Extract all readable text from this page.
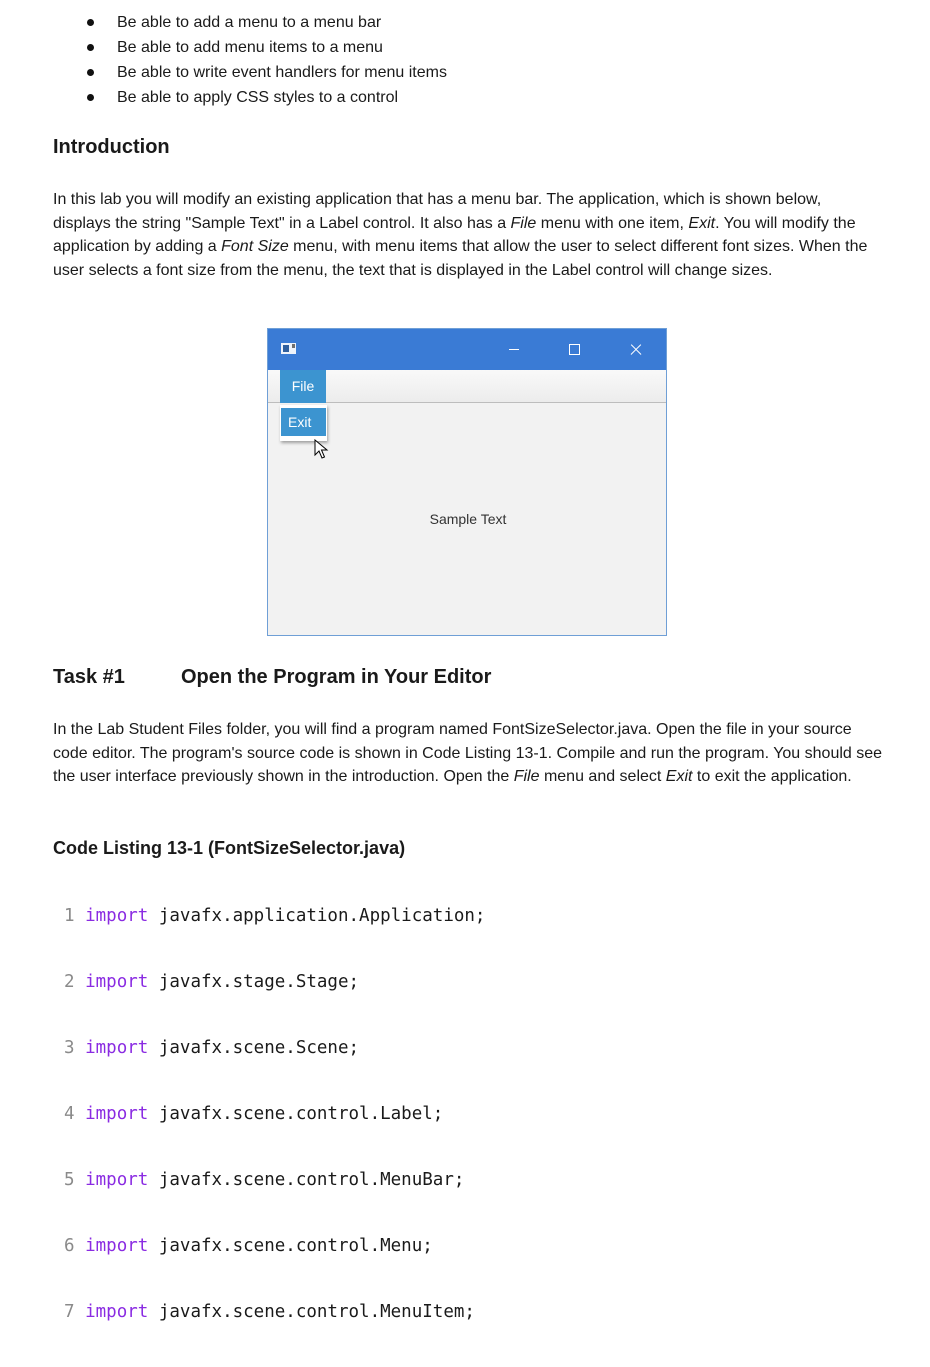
Be able to add a menu to a menu bar
Be able to add menu items to a menu
Be able to write event handlers for menu items
Be able to apply CSS styles to a control
Introduction

In this lab you will modify an existing application that has a menu bar. The application, which is shown below, displays the string "Sample Text" in a Label control. It also has a File menu with one item, Exit. You will modify the application by adding a Font Size menu, with menu items that allow the user to select different font sizes. When the user selects a font size from the menu, the text that is displayed in the Label control will change sizes.

File
Exit
Sample Text
Task #1	Open the Program in Your Editor

In the Lab Student Files folder, you will find a program named FontSizeSelector.java. Open the file in your source code editor. The program's source code is shown in Code Listing 13-1. Compile and run the program. You should see the user interface previously shown in the introduction. Open the File menu and select Exit to exit the application.

Code Listing 13-1 (FontSizeSelector.java)

1 import javafx.application.Application;

2 import javafx.stage.Stage;

3 import javafx.scene.Scene;

4 import javafx.scene.control.Label;

5 import javafx.scene.control.MenuBar;

6 import javafx.scene.control.Menu;

7 import javafx.scene.control.MenuItem;
